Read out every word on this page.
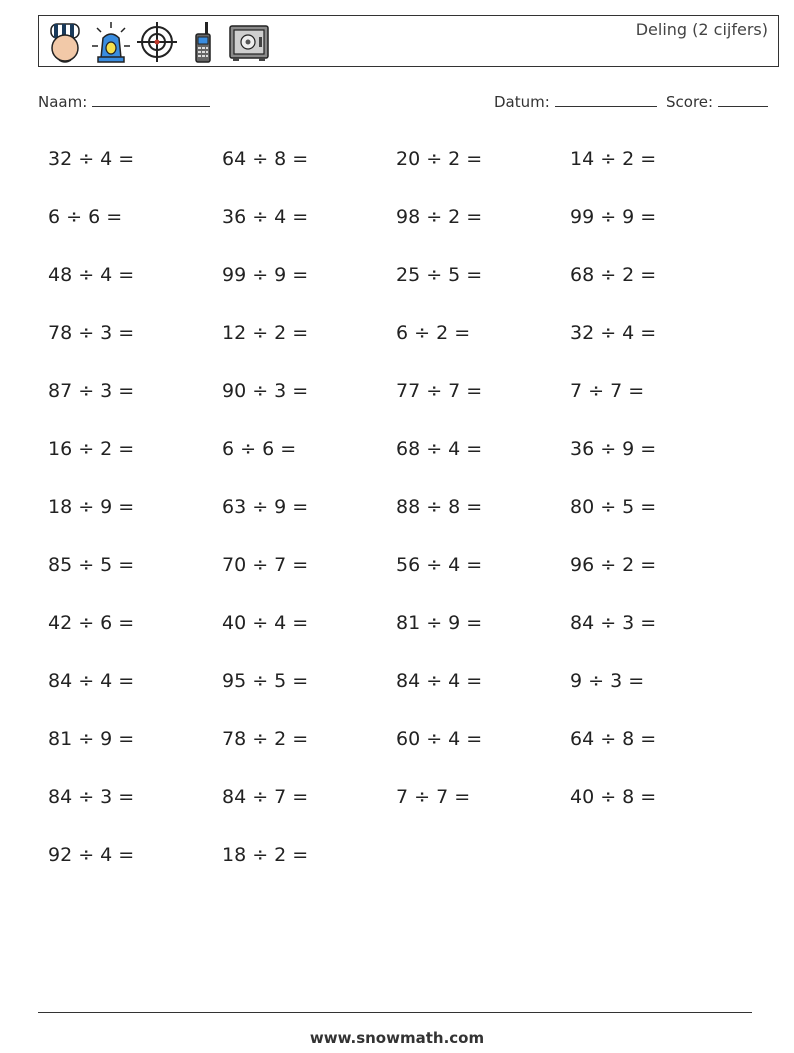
Deling (2 cijfers)
Naam:	Datum:	Score:
32 ÷ 4 =	64 ÷ 8 =	20 ÷ 2 =	14 ÷ 2 =
6 ÷ 6 =	36 ÷ 4 =	98 ÷ 2 =	99 ÷ 9 =
48 ÷ 4 =	99 ÷ 9 =	25 ÷ 5 =	68 ÷ 2 =
78 ÷ 3 =	12 ÷ 2 =	6 ÷ 2 =	32 ÷ 4 =
87 ÷ 3 =	90 ÷ 3 =	77 ÷ 7 =	7 ÷ 7 =
16 ÷ 2 =	6 ÷ 6 =	68 ÷ 4 =	36 ÷ 9 =
18 ÷ 9 =	63 ÷ 9 =	88 ÷ 8 =	80 ÷ 5 =
85 ÷ 5 =	70 ÷ 7 =	56 ÷ 4 =	96 ÷ 2 =
42 ÷ 6 =	40 ÷ 4 =	81 ÷ 9 =	84 ÷ 3 =
84 ÷ 4 =	95 ÷ 5 =	84 ÷ 4 =	9 ÷ 3 =
81 ÷ 9 =	78 ÷ 2 =	60 ÷ 4 =	64 ÷ 8 =
84 ÷ 3 =	84 ÷ 7 =	7 ÷ 7 =	40 ÷ 8 =
92 ÷ 4 =	18 ÷ 2 =
www.snowmath.com
